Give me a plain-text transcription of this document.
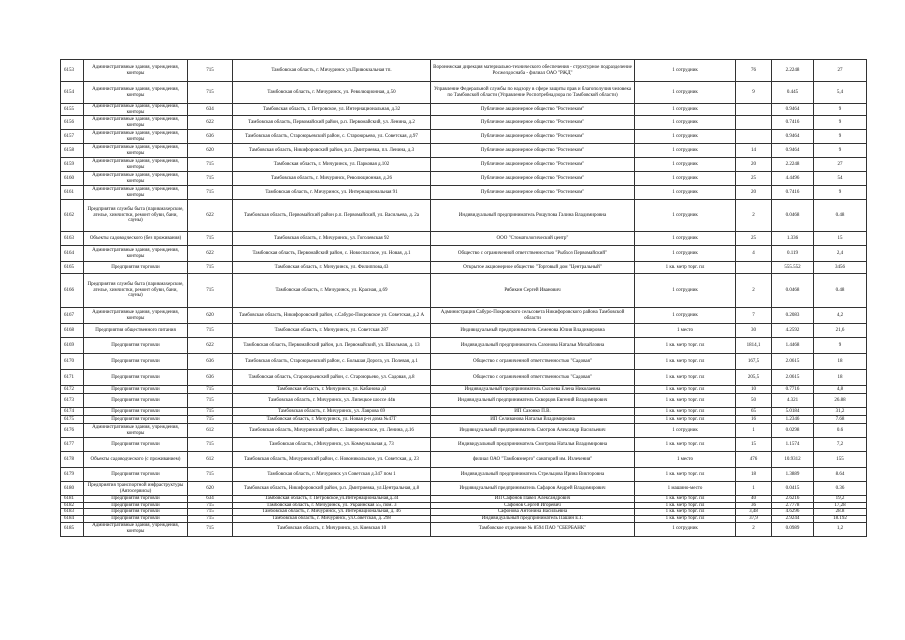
6153	Административные здания, учреждения, конторы	715	Тамбовская область, г. Мичуринск ул.Привокзальная тп.	Воронежская дирекция материально-технического обеспечения - структурное подразделение Росжелдоснаба - филиал ОАО "РЖД"	1 сотрудник	76	2.2248	27
6154	Административные здания, учреждения, конторы	715	Тамбовская область, г. Мичуринск, ул. Революционная, д.50	Управление Федеральной службы по надзору в сфере защиты прав и благополучия человека по Тамбовской области (Управление Роспотребнадзора по Тамбовской области)	1 сотрудник	9	0.445	5,4
6155	Административные здания, учреждения, конторы	634	Тамбовская область, г. Петровское, ул. Интернациональная, д.32	Публичное акционерное общество "Ростелеком"	1 сотрудник		0.9464	9
6156	Административные здания, учреждения, конторы	622	Тамбовская область, Первомайский район, р.п. Первомайский, ул. Ленина, д.2	Публичное акционерное общество "Ростелеком"	1 сотрудник		0.7416	9
6157	Административные здания, учреждения, конторы	636	Тамбовская область, Староюрьевский район, с. Староюрьево, ул. Советская, д.97	Публичное акционерное общество "Ростелеком"	1 сотрудник		0.9464	9
6158	Административные здания, учреждения, конторы	620	Тамбовская область, Никифоровский район, р.п. Дмитриевка, пл. Ленина, д.3	Публичное акционерное общество "Ростелеком"	1 сотрудник	14	0.9464	9
6159	Административные здания, учреждения, конторы	715	Тамбовская область, г. Мичуринск, ул. Парковая д.102	Публичное акционерное общество "Ростелеком"	1 сотрудник	20	2.2248	27
6160	Административные здания, учреждения, конторы	715	Тамбовская область, г. Мичуринск, Революционная, д.26	Публичное акционерное общество "Ростелеком"	1 сотрудник	25	4.4496	54
6161	Административные здания, учреждения, конторы	715	Тамбовская область, г. Мичуринск, ул. Интернациональная 91	Публичное акционерное общество "Ростелеком"	1 сотрудник	20	0.7416	9
6162	Предприятия службы быта (парикмахерские, ателье, химчистки, ремонт обуви, бани, сауны)	622	Тамбовская область, Первомайский район р.п. Первомайский, ул. Васильева, д. 2а	Индивидуальный предприниматель Рощупова Галина Владимировна	1 сотрудник	2	0.0468	0.48
6163	Объекты садоводческого (без проживания)	715	Тамбовская область, г. Мичуринск, ул. Гоголевская 92	ООО "Стоматологический центр"	1 сотрудник	25	1.336	15
6164	Административные здания, учреждения, конторы	622	Тамбовская область, Первомайский район, с. Новоспасское, ул. Новая, д.1	Общество с ограниченной ответственностью "Рыбхоз Первомайский"	1 сотрудник	4	0.119	2,4
6165	Предприятия торговли	715	Тамбовская область, г. Мичуринск, ул. Филиппова,43	Открытое акционерное общество "Торговый дом "Центральный"	1 кв. метр торг. пл		555.552	3456
6166	Предприятия службы быта (парикмахерские, ателье, химчистки, ремонт обуви, бани, сауны)	715	Тамбовская область, г. Мичуринск, ул. Красная, д.69	Рябикин Сергей Иванович	1 сотрудник	2	0.0468	0.48
6167	Административные здания, учреждения, конторы	620	Тамбовская область, Никифоровский район, с.Сабуро-Покровское ул. Советская, д.2 А	Администрация Сабуро-Покровского сельсовета Никифоровского района Тамбовской области	1 сотрудник	7	0.2083	4,2
6168	Предприятия общественного питания	715	Тамбовская область, г. Мичуринск, ул. Советская 287	Индивидуальный предприниматель Семенова Юлия Владимировна	1 место	30	4.2592	21,6
6169	Предприятия торговли	622	Тамбовская область, Первомайский район, р.п. Первомайский, ул. Школьная, д. 13	Индивидуальный предприниматель Сазонова Наталья Михайловна	1 кв. метр торг. пл	1814,1	1.4468	9
6170	Предприятия торговли	636	Тамбовская область, Староюрьевский район, с. Большая Дорога, ул. Полевая, д.1	Общество с ограниченной ответственностью "Садовая"	1 кв. метр торг. пл	167,5	2.0615	18
6171	Предприятия торговли	636	Тамбовская область, Староюрьевский район, с. Староюрьево, ул. Садовая, д.8	Общество с ограниченной ответственностью "Садовая"	1 кв. метр торг. пл	205,5	2.0615	18
6172	Предприятия торговли	715	Тамбовская область, г. Мичуринск, ул. Кабанова д3	Индивидуальный предприниматель Сысоева Елена Николаевна	1 кв. метр торг. пл	10	0.7716	4,8
6173	Предприятия торговли	715	Тамбовская область, г. Мичуринск, ул. Липецкое шоссе 44в	Индивидуальный предприниматель Скворцов Евгений Владимирович	1 кв. метр торг. пл	50	4.321	26.88
6174	Предприятия торговли	715	Тамбовская область, г. Мичуринск, ул. Лаврова 69	ИП Сазонко П.В.	1 кв. метр торг. пл	65	5.0184	31,2
6175	Предприятия торговли	715	Тамбовская область, г. Мичуринск, ул. Новая р-н дома №47Г	ИП Селиванова Наталья Владимировна	1 кв. метр торг. пл	16	1.2346	7.68
6176	Административные здания, учреждения, конторы	612	Тамбовская область, Мичуринский район, с. Заворонежское, ул. Ленина, д.16	Индивидуальный предприниматель Смотров Александр Васильевич	1 сотрудник	1	0.0298	0.6
6177	Предприятия торговли	715	Тамбовская область, г.Мичуринск, ул. Коммунальная д. 73	Индивидуальный предприниматель Смотрова Наталья Владимировна	1 кв. метр торг. пл	15	1.1574	7,2
6178	Объекты садоводческого (с проживанием)	612	Тамбовская область, Мичуринский район, с. Новоникольское, ул. Советская, д. 23	филиал ОАО "Тамбовэнерго" санаторий им. Излечения"	1 место	476	10.9312	155
6179	Предприятия торговли	715	Тамбовская область, г. Мичуринск ул Советская д.347 пом 1	Индивидуальный предприниматель Стрельцова Ирина Викторовна	1 кв. метр торг. пл	18	1.3889	8.64
6180	Предприятия транспортной инфраструктуры (Автосервисы)	620	Тамбовская область, Никифоровский район, р.п. Дмитриевка, ул.Центральная, д.8	Индивидуальный предприниматель Сафаров Андрей Владимирович	1 машино-место	1	0.0415	0.36
6181	Предприятия торговли	634	Тамбовская область, г. Петровское,ул.Интернациональная,д.34	ИП Сафонов Павел Александрович	1 кв. метр торг. пл	40	2.6216	19,2
6182	Предприятия торговли	715	Тамбовская область, г. Мичуринск, ул. Украинская 55, пом. 3	Сафонов Сергей Игоревич	1 кв. метр торг. пл	36	2.7778	17,28
6183	Предприятия торговли	715	Тамбовская область, г. Мичуринск, ул. Интернациональная, д. 46	Сафонова Антонина Васильевна	1 кв. метр торг. пл	3,48	4.6296	28.8
6184	Предприятия торговли	715	Тамбовская область, г. Мичуринск, ул.Советская, д. 298	Индивидуальный предприниматель Пашин Е.Г.	1 кв. метр торг. пл	37,9	2.9244	18.192
6185	Административные здания, учреждения, конторы	715	Тамбовская область, г. Мичуринск, ул. Киевская 10	Тамбовское отделение № 8594 ПАО "СБЕРБАНК"	1 сотрудник	2	0.0989	1,2
